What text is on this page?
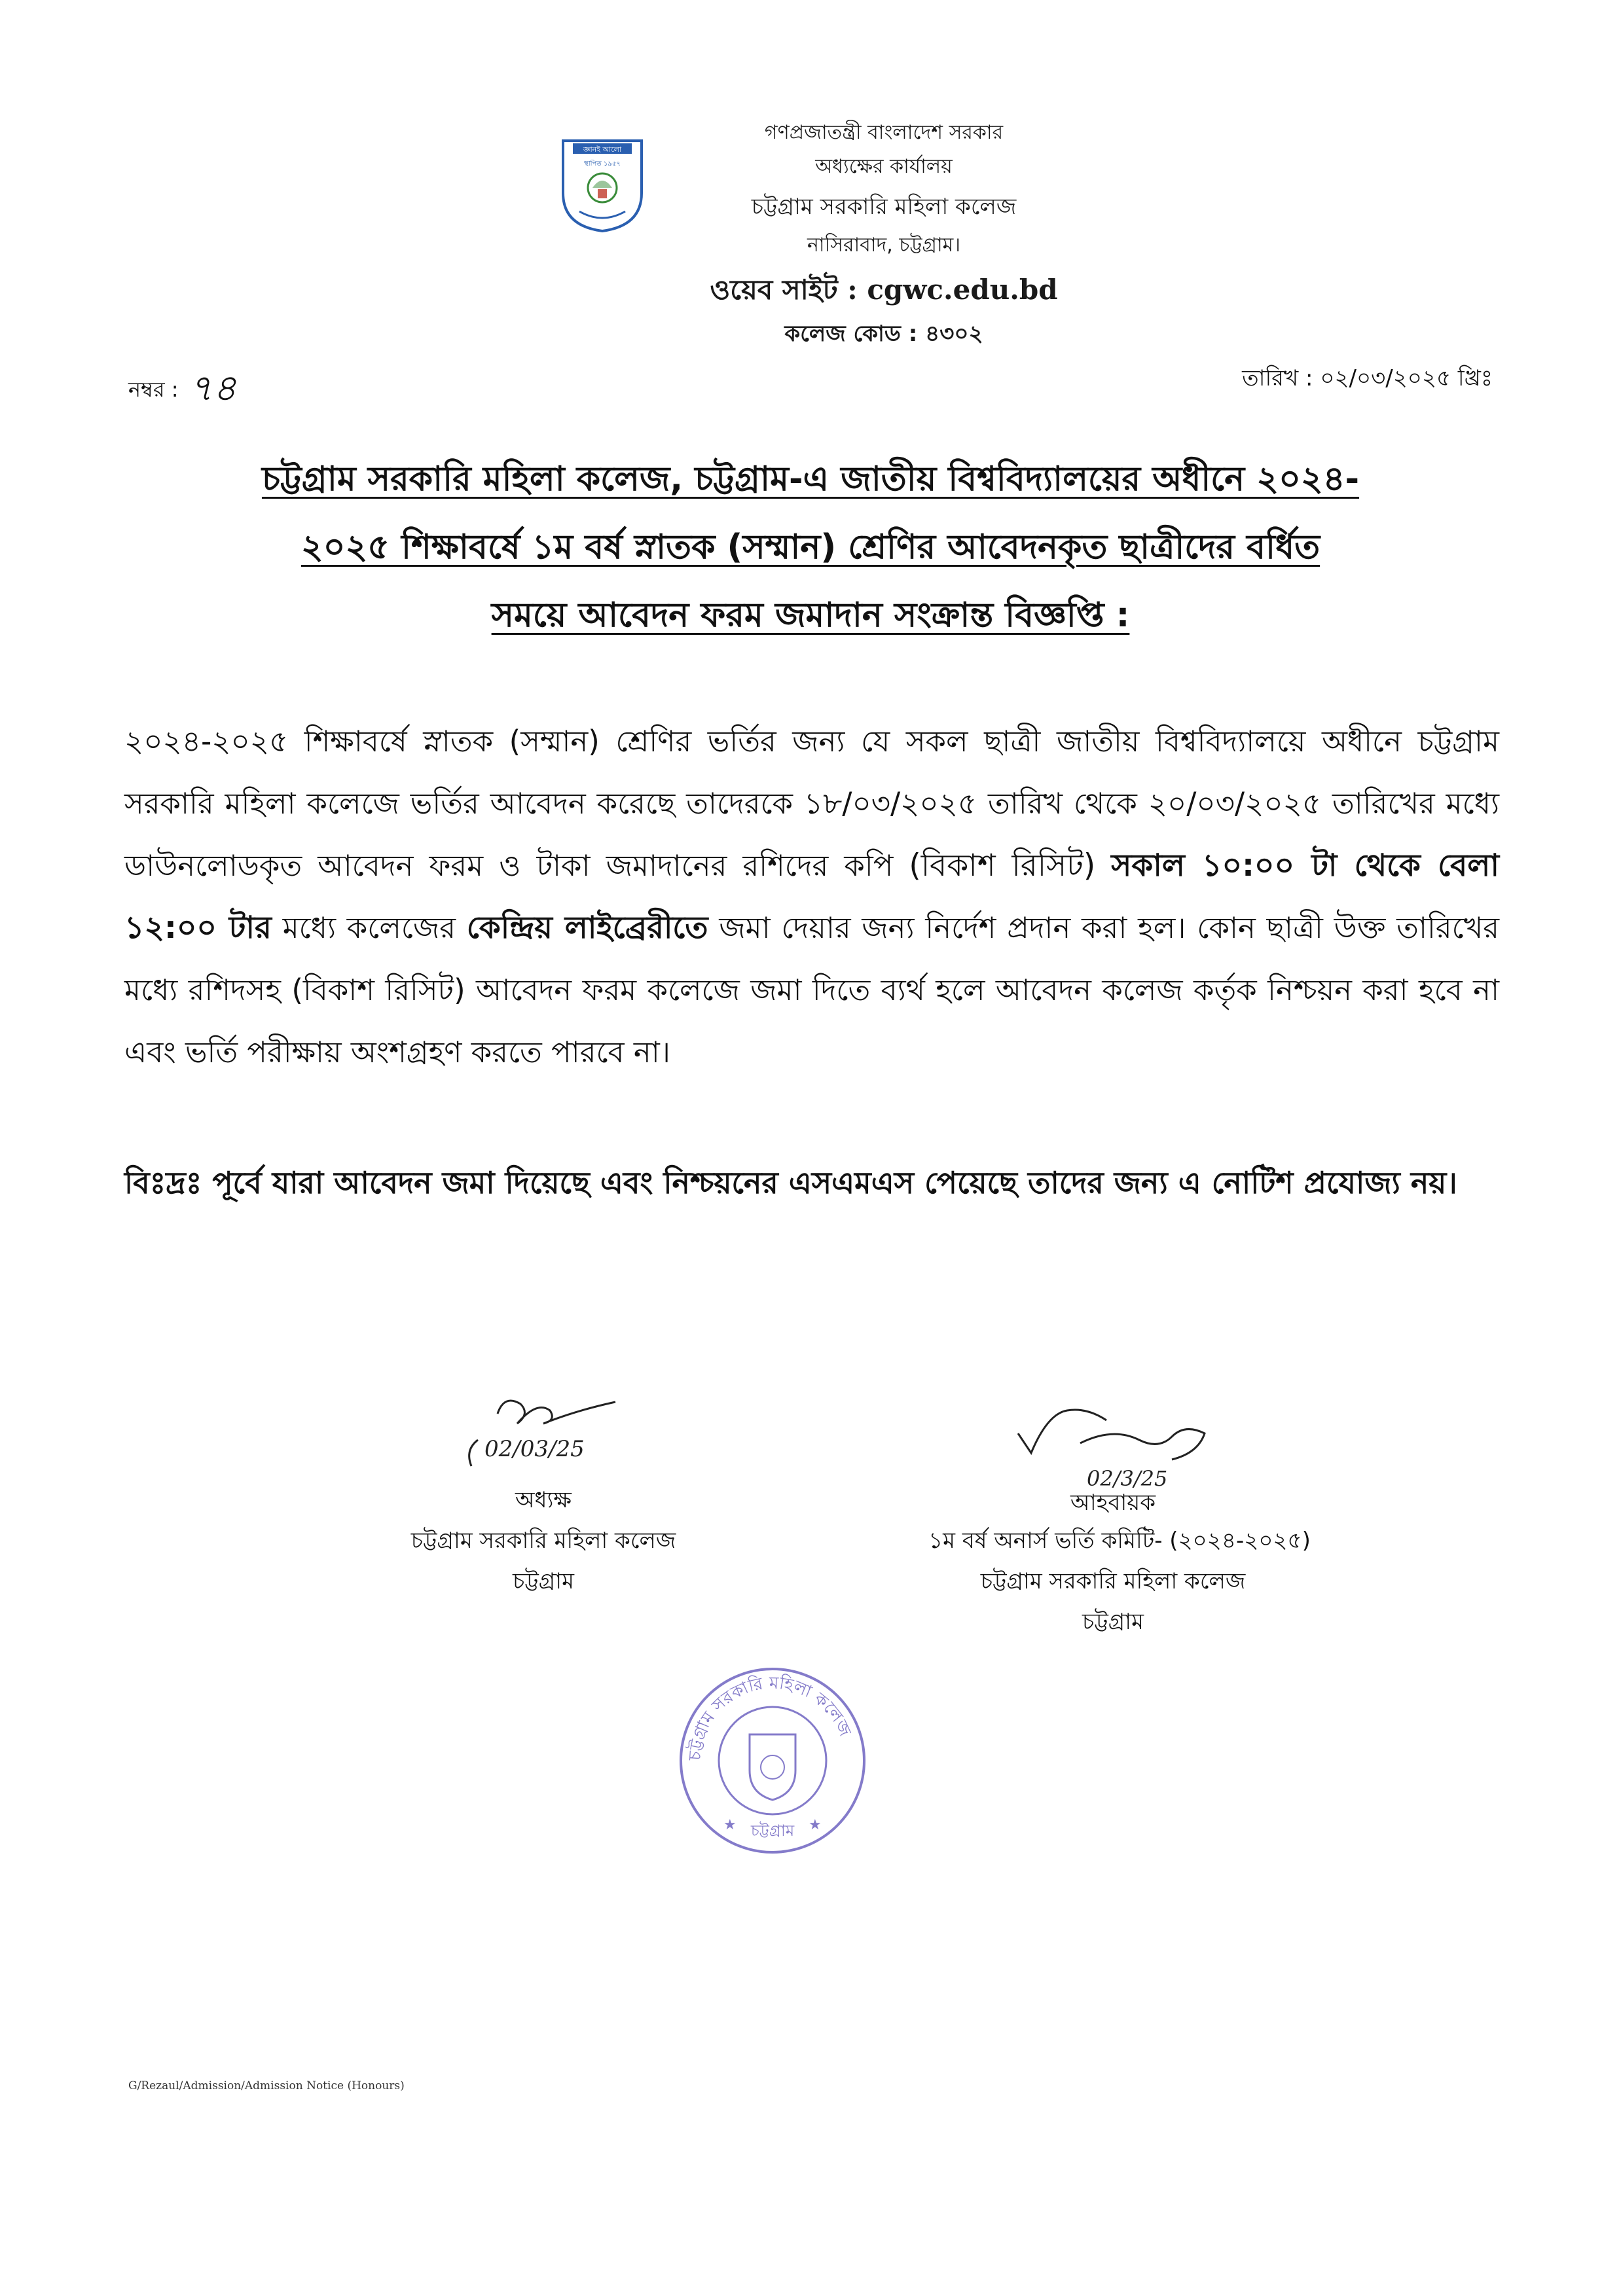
জ্ঞানই আলো
স্থাপিত ১৯৫৭
গণপ্রজাতন্ত্রী বাংলাদেশ সরকার
অধ্যক্ষের কার্যালয়
চট্টগ্রাম সরকারি মহিলা কলেজ
নাসিরাবাদ, চট্টগ্রাম।
ওয়েব সাইট : cgwc.edu.bd
কলেজ কোড : ৪৩০২
নম্বর : ৭৪	তারিখ : ০২/০৩/২০২৫ খ্রিঃ
চট্টগ্রাম সরকারি মহিলা কলেজ, চট্টগ্রাম-এ জাতীয় বিশ্ববিদ্যালয়ের অধীনে ২০২৪-
২০২৫ শিক্ষাবর্ষে ১ম বর্ষ স্নাতক (সম্মান) শ্রেণির আবেদনকৃত ছাত্রীদের বর্ধিত
সময়ে আবেদন ফরম জমাদান সংক্রান্ত বিজ্ঞপ্তি :
২০২৪-২০২৫ শিক্ষাবর্ষে স্নাতক (সম্মান) শ্রেণির ভর্তির জন্য যে সকল ছাত্রী জাতীয় বিশ্ববিদ্যালয়ে অধীনে চট্টগ্রাম সরকারি মহিলা কলেজে ভর্তির আবেদন করেছে তাদেরকে ১৮/০৩/২০২৫ তারিখ থেকে ২০/০৩/২০২৫ তারিখের মধ্যে ডাউনলোডকৃত আবেদন ফরম ও টাকা জমাদানের রশিদের কপি (বিকাশ রিসিট) সকাল ১০:০০ টা থেকে বেলা ১২:০০ টার মধ্যে কলেজের কেন্দ্রিয় লাইব্রেরীতে জমা দেয়ার জন্য নির্দেশ প্রদান করা হল। কোন ছাত্রী উক্ত তারিখের মধ্যে রশিদসহ (বিকাশ রিসিট) আবেদন ফরম কলেজে জমা দিতে ব্যর্থ হলে আবেদন কলেজ কর্তৃক নিশ্চয়ন করা হবে না এবং ভর্তি পরীক্ষায় অংশগ্রহণ করতে পারবে না।
বিঃদ্রঃ পূর্বে যারা আবেদন জমা দিয়েছে এবং নিশ্চয়নের এসএমএস পেয়েছে তাদের জন্য এ নোটিশ প্রযোজ্য নয়।
02/03/25
অধ্যক্ষ
চট্টগ্রাম সরকারি মহিলা কলেজ
চট্টগ্রাম
02/3/25
আহবায়ক
১ম বর্ষ অনার্স ভর্তি কমিটি- (২০২৪-২০২৫)
চট্টগ্রাম সরকারি মহিলা কলেজ
চট্টগ্রাম
চট্টগ্রাম সরকারি মহিলা কলেজ
চট্টগ্রাম
★	★
G/Rezaul/Admission/Admission Notice (Honours)
